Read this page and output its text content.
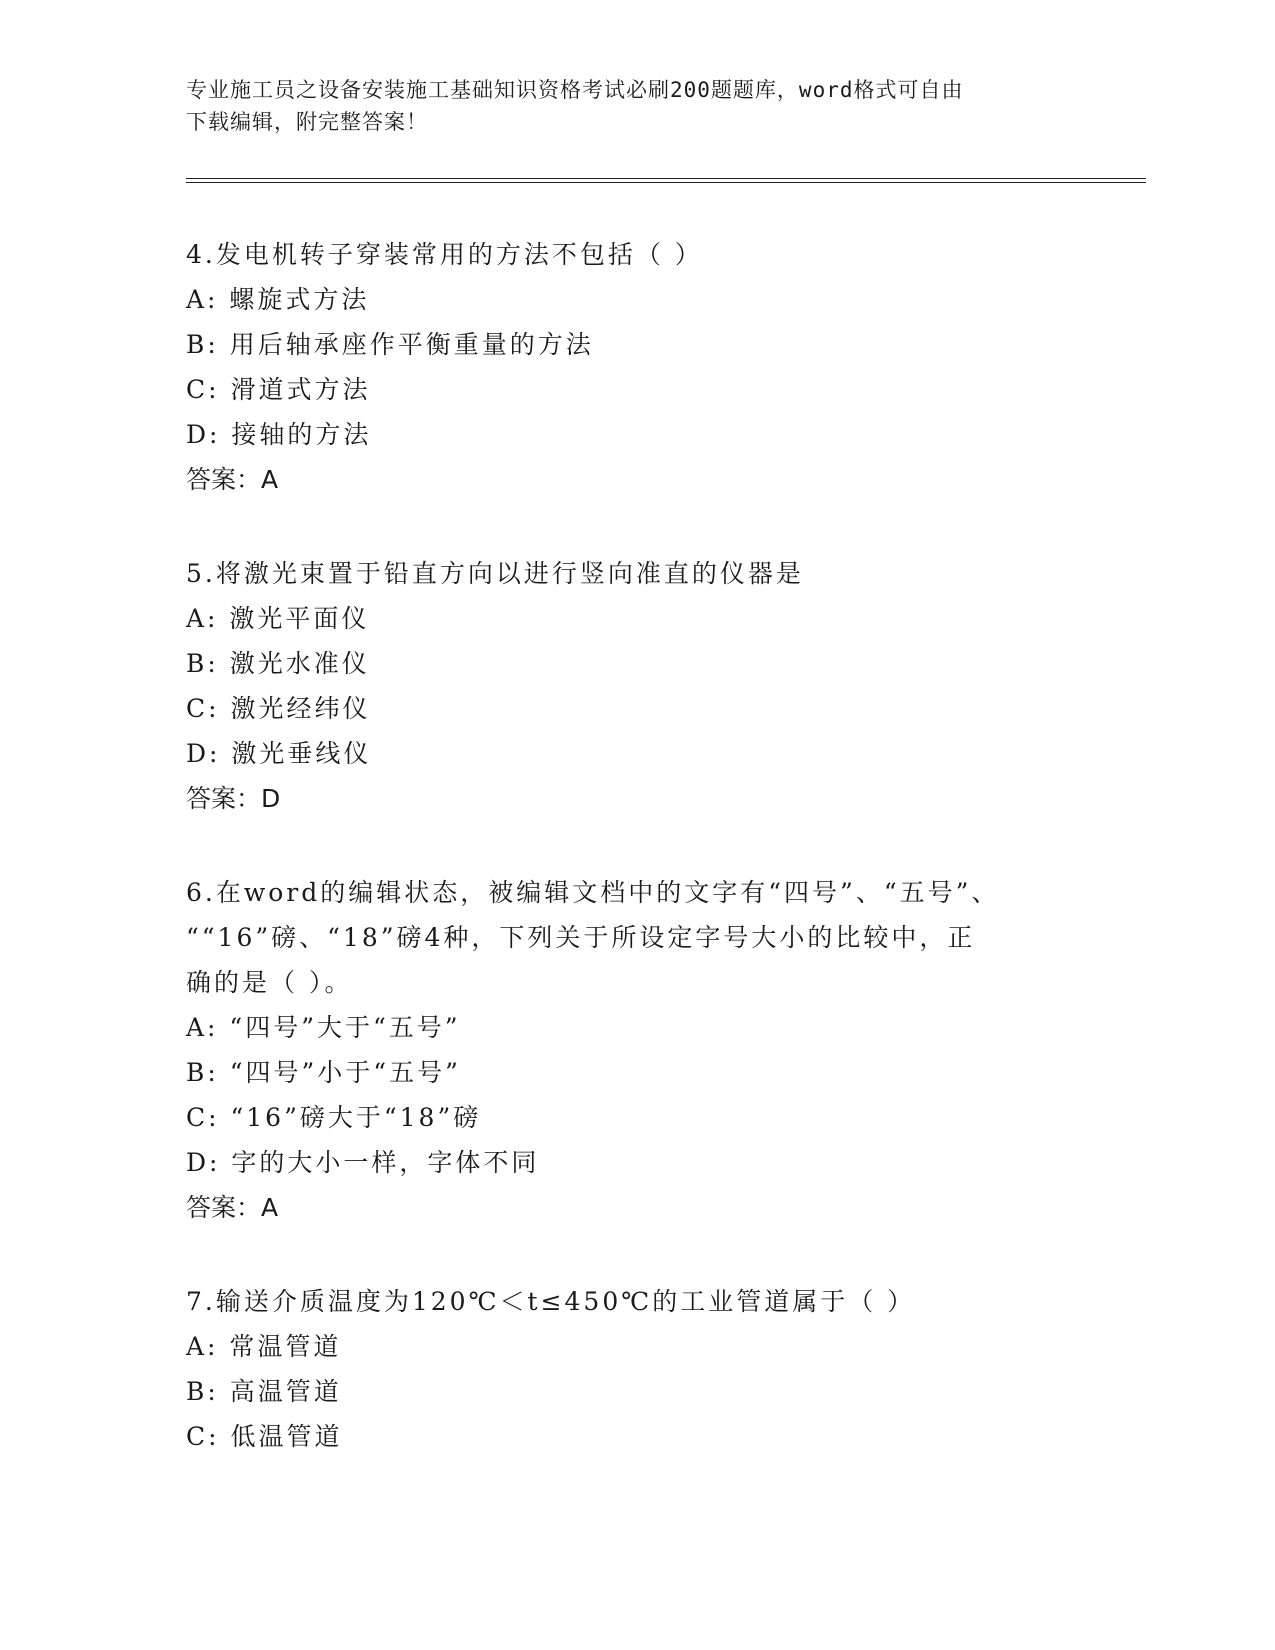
专业施工员之设备安装施工基础知识资格考试必刷200题题库，word格式可自由
下载编辑，附完整答案！

4.发电机转子穿装常用的方法不包括（ ）

A: 螺旋式方法

B: 用后轴承座作平衡重量的方法

C: 滑道式方法

D: 接轴的方法

答案：A

5.将激光束置于铅直方向以进行竖向准直的仪器是

A: 激光平面仪

B: 激光水准仪

C: 激光经纬仪

D: 激光垂线仪

答案：D

6.在word的编辑状态，被编辑文档中的文字有“四号”、“五号”、

““16”磅、“18”磅4种，下列关于所设定字号大小的比较中，正

确的是（ ）。

A: “四号”大于“五号”

B: “四号”小于“五号”

C: “16”磅大于“18”磅

D: 字的大小一样，字体不同

答案：A

7.输送介质温度为120℃＜t≤450℃的工业管道属于（ ）

A: 常温管道

B: 高温管道

C: 低温管道
